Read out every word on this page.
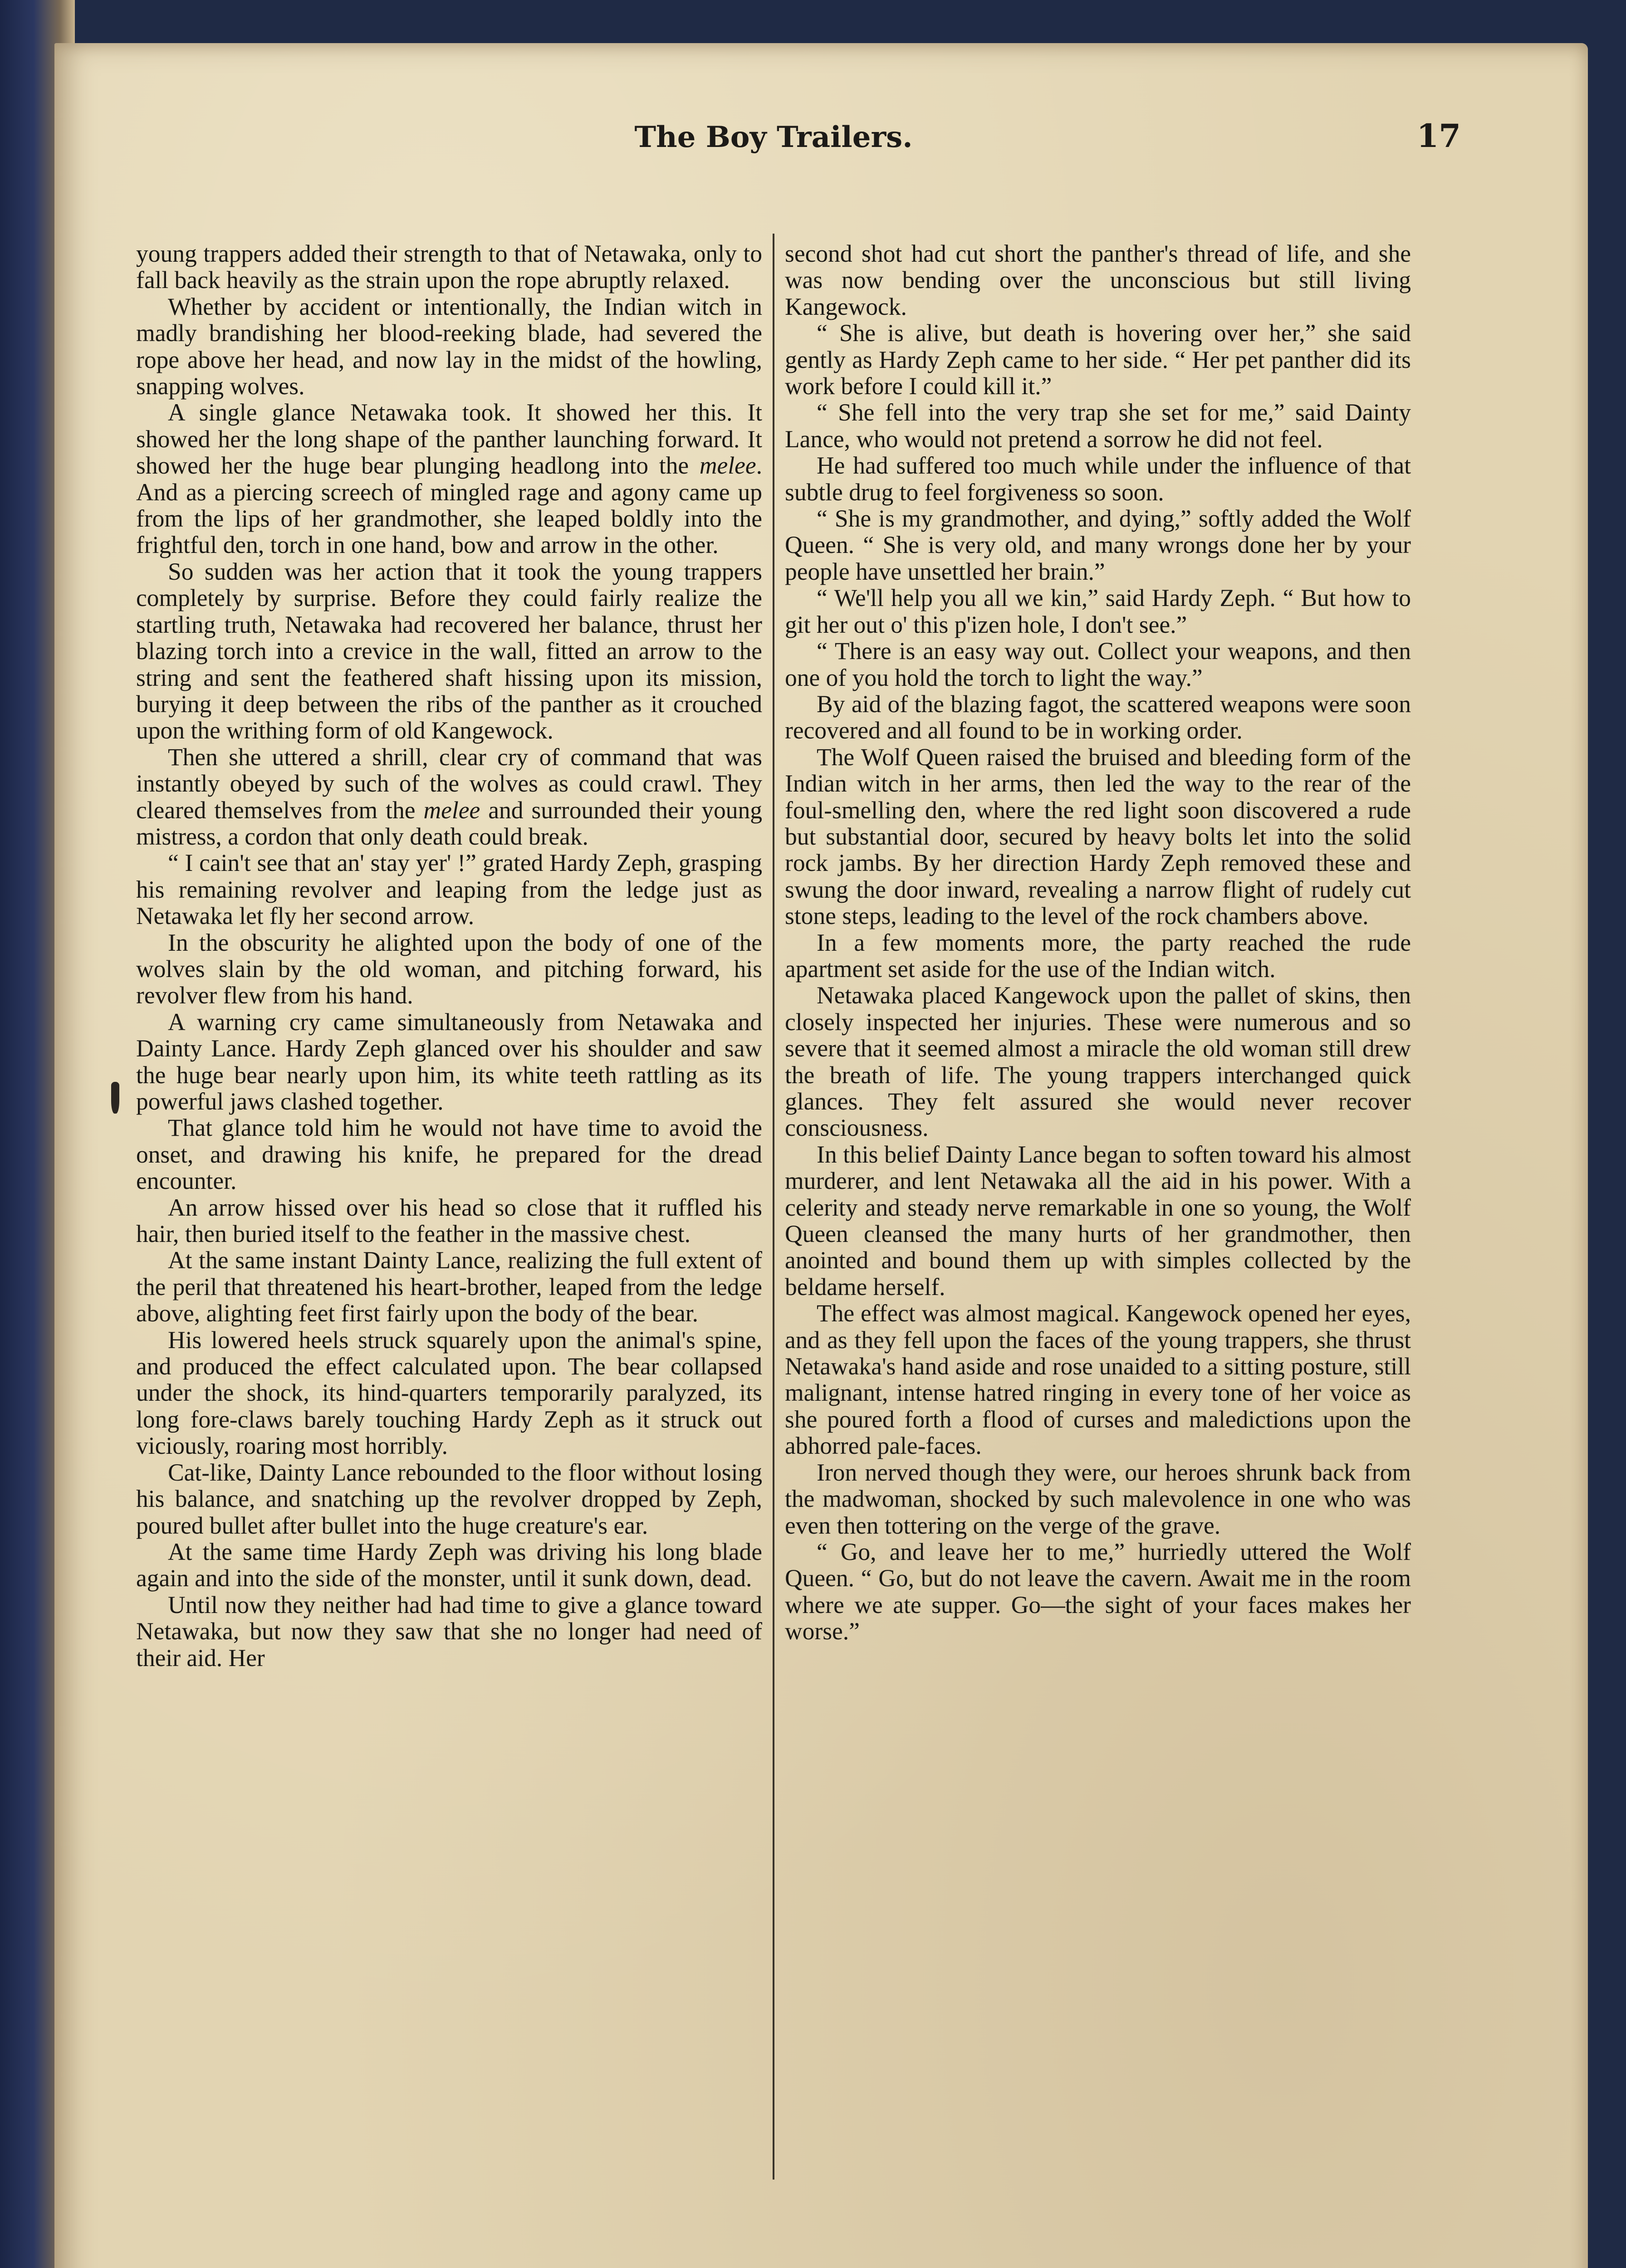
The Boy Trailers.	17

young trappers added their strength to that of Netawaka, only to fall back heavily as the strain upon the rope abruptly relaxed.

Whether by accident or intentionally, the Indian witch in madly brandishing her blood-reeking blade, had severed the rope above her head, and now lay in the midst of the howling, snapping wolves.

A single glance Netawaka took. It showed her this. It showed her the long shape of the panther launching forward. It showed her the huge bear plunging headlong into the melee. And as a piercing screech of mingled rage and agony came up from the lips of her grandmother, she leaped boldly into the frightful den, torch in one hand, bow and arrow in the other.

So sudden was her action that it took the young trappers completely by surprise. Before they could fairly realize the startling truth, Netawaka had recovered her balance, thrust her blazing torch into a crevice in the wall, fitted an arrow to the string and sent the feathered shaft hissing upon its mission, burying it deep between the ribs of the panther as it crouched upon the writhing form of old Kangewock.

Then she uttered a shrill, clear cry of command that was instantly obeyed by such of the wolves as could crawl. They cleared themselves from the melee and surrounded their young mistress, a cordon that only death could break.

“ I cain't see that an' stay yer' !” grated Hardy Zeph, grasping his remaining revolver and leaping from the ledge just as Netawaka let fly her second arrow.

In the obscurity he alighted upon the body of one of the wolves slain by the old woman, and pitching forward, his revolver flew from his hand.

A warning cry came simultaneously from Netawaka and Dainty Lance. Hardy Zeph glanced over his shoulder and saw the huge bear nearly upon him, its white teeth rattling as its powerful jaws clashed together.

That glance told him he would not have time to avoid the onset, and drawing his knife, he prepared for the dread encounter.

An arrow hissed over his head so close that it ruffled his hair, then buried itself to the feather in the massive chest.

At the same instant Dainty Lance, realizing the full extent of the peril that threatened his heart-brother, leaped from the ledge above, alighting feet first fairly upon the body of the bear.

His lowered heels struck squarely upon the animal's spine, and produced the effect calculated upon. The bear collapsed under the shock, its hind-quarters temporarily paralyzed, its long fore-claws barely touching Hardy Zeph as it struck out viciously, roaring most horribly.

Cat-like, Dainty Lance rebounded to the floor without losing his balance, and snatching up the revolver dropped by Zeph, poured bullet after bullet into the huge creature's ear.

At the same time Hardy Zeph was driving his long blade again and into the side of the monster, until it sunk down, dead.

Until now they neither had had time to give a glance toward Netawaka, but now they saw that she no longer had need of their aid. Her

second shot had cut short the panther's thread of life, and she was now bending over the unconscious but still living Kangewock.

“ She is alive, but death is hovering over her,” she said gently as Hardy Zeph came to her side. “ Her pet panther did its work before I could kill it.”

“ She fell into the very trap she set for me,” said Dainty Lance, who would not pretend a sorrow he did not feel.

He had suffered too much while under the influence of that subtle drug to feel forgiveness so soon.

“ She is my grandmother, and dying,” softly added the Wolf Queen. “ She is very old, and many wrongs done her by your people have unsettled her brain.”

“ We'll help you all we kin,” said Hardy Zeph. “ But how to git her out o' this p'izen hole, I don't see.”

“ There is an easy way out. Collect your weapons, and then one of you hold the torch to light the way.”

By aid of the blazing fagot, the scattered weapons were soon recovered and all found to be in working order.

The Wolf Queen raised the bruised and bleeding form of the Indian witch in her arms, then led the way to the rear of the foul-smelling den, where the red light soon discovered a rude but substantial door, secured by heavy bolts let into the solid rock jambs. By her direction Hardy Zeph removed these and swung the door inward, revealing a narrow flight of rudely cut stone steps, leading to the level of the rock chambers above.

In a few moments more, the party reached the rude apartment set aside for the use of the Indian witch.

Netawaka placed Kangewock upon the pallet of skins, then closely inspected her injuries. These were numerous and so severe that it seemed almost a miracle the old woman still drew the breath of life. The young trappers interchanged quick glances. They felt assured she would never recover consciousness.

In this belief Dainty Lance began to soften toward his almost murderer, and lent Netawaka all the aid in his power. With a celerity and steady nerve remarkable in one so young, the Wolf Queen cleansed the many hurts of her grandmother, then anointed and bound them up with simples collected by the beldame herself.

The effect was almost magical. Kangewock opened her eyes, and as they fell upon the faces of the young trappers, she thrust Netawaka's hand aside and rose unaided to a sitting posture, still malignant, intense hatred ringing in every tone of her voice as she poured forth a flood of curses and maledictions upon the abhorred pale-faces.

Iron nerved though they were, our heroes shrunk back from the madwoman, shocked by such malevolence in one who was even then tottering on the verge of the grave.

“ Go, and leave her to me,” hurriedly uttered the Wolf Queen. “ Go, but do not leave the cavern. Await me in the room where we ate supper. Go—the sight of your faces makes her worse.”
